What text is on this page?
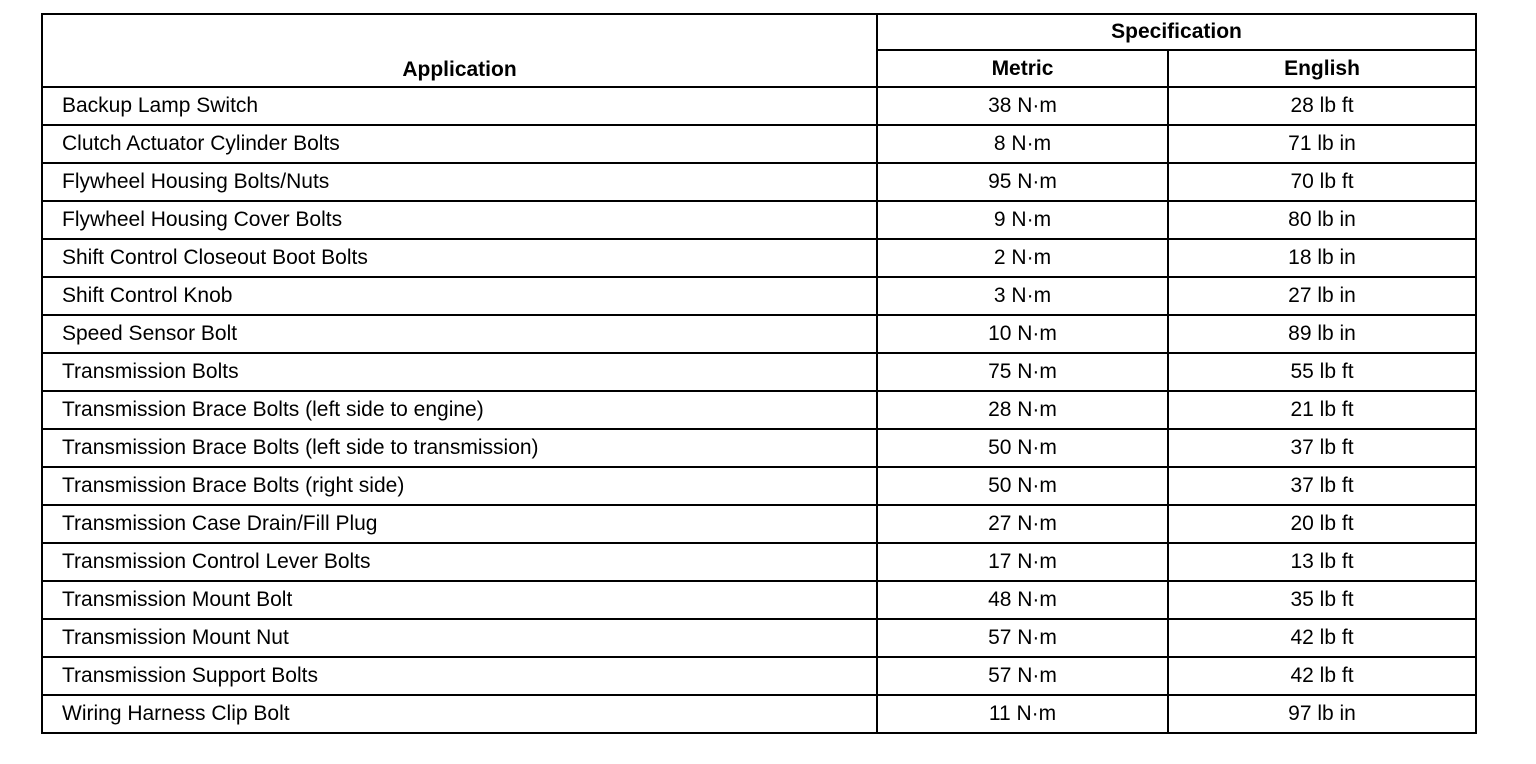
Application	Specification	
	Metric	English
Backup Lamp Switch	38 N·m	28 lb ft
Clutch Actuator Cylinder Bolts	8 N·m	71 lb in
Flywheel Housing Bolts/Nuts	95 N·m	70 lb ft
Flywheel Housing Cover Bolts	9 N·m	80 lb in
Shift Control Closeout Boot Bolts	2 N·m	18 lb in
Shift Control Knob	3 N·m	27 lb in
Speed Sensor Bolt	10 N·m	89 lb in
Transmission Bolts	75 N·m	55 lb ft
Transmission Brace Bolts (left side to engine)	28 N·m	21 lb ft
Transmission Brace Bolts (left side to transmission)	50 N·m	37 lb ft
Transmission Brace Bolts (right side)	50 N·m	37 lb ft
Transmission Case Drain/Fill Plug	27 N·m	20 lb ft
Transmission Control Lever Bolts	17 N·m	13 lb ft
Transmission Mount Bolt	48 N·m	35 lb ft
Transmission Mount Nut	57 N·m	42 lb ft
Transmission Support Bolts	57 N·m	42 lb ft
Wiring Harness Clip Bolt	11 N·m	97 lb in
